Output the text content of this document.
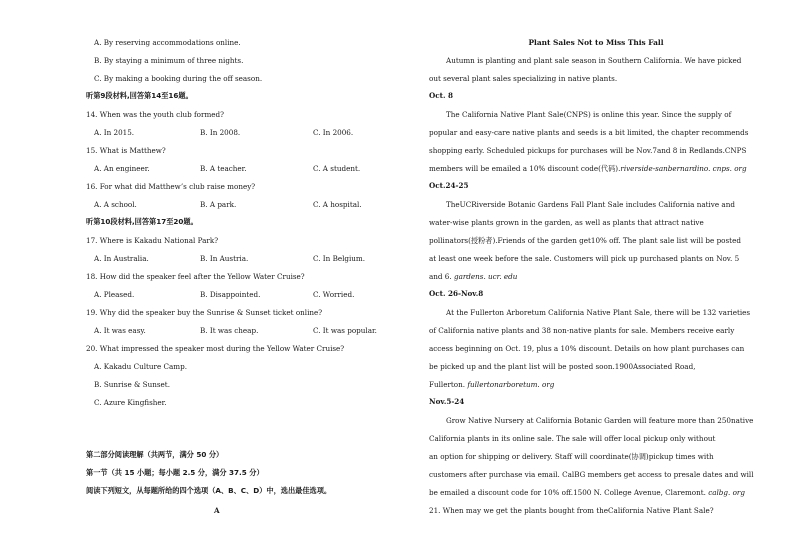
A. By reserving accommodations online.
B. By staying a minimum of three nights.
C. By making a booking during the off season.
听第9段材料,回答第14至16题。
14. When was the youth club formed?
A. In 2015.	B. In 2008.	C. In 2006.
15. What is Matthew?
A. An engineer.	B. A teacher.	C. A student.
16. For what did Matthew’s club raise money?
A. A school.	B. A park.	C. A hospital.
听第10段材料,回答第17至20题。
17. Where is Kakadu National Park?
A. In Australia.	B. In Austria.	C. In Belgium.
18. How did the speaker feel after the Yellow Water Cruise?
A. Pleased.	B. Disappointed.	C. Worried.
19. Why did the speaker buy the Sunrise & Sunset ticket online?
A. It was easy.	B. It was cheap.	C. It was popular.
20. What impressed the speaker most during the Yellow Water Cruise?
A. Kakadu Culture Camp.
B. Sunrise & Sunset.
C. Azure Kingfisher.
第二部分阅读理解（共两节，满分 50 分）
第一节（共 15 小题；每小题 2.5 分，满分 37.5 分）
阅读下列短文，从每题所给的四个选项（A、B、C、D）中，选出最佳选项。
A
Plant Sales Not to Miss This Fall
Autumn is planting and plant sale season in Southern California. We have picked
out several plant sales specializing in native plants.
Oct. 8
The California Native Plant Sale(CNPS) is online this year. Since the supply of
popular and easy-care native plants and seeds is a bit limited, the chapter recommends
shopping early. Scheduled pickups for purchases will be Nov.7and 8 in Redlands.CNPS
members will be emailed a 10% discount code(代码).riverside-sanbernardino. cnps. org
Oct.24-25
TheUCRiverside Botanic Gardens Fall Plant Sale includes California native and
water-wise plants grown in the garden, as well as plants that attract native
pollinators(授粉者).Friends of the garden get10% off. The plant sale list will be posted
at least one week before the sale. Customers will pick up purchased plants on Nov. 5
and 6. gardens. ucr. edu
Oct. 26-Nov.8
At the Fullerton Arboretum California Native Plant Sale, there will be 132 varieties
of California native plants and 38 non-native plants for sale. Members receive early
access beginning on Oct. 19, plus a 10% discount. Details on how plant purchases can
be picked up and the plant list will be posted soon.1900Associated Road,
Fullerton. fullertonarboretum. org
Nov.5-24
Grow Native Nursery at California Botanic Garden will feature more than 250native
California plants in its online sale. The sale will offer local pickup only without
an option for shipping or delivery. Staff will coordinate(协调)pickup times with
customers after purchase via email. CalBG members get access to presale dates and will
be emailed a discount code for 10% off.1500 N. College Avenue, Claremont. calbg. org
21. When may we get the plants bought from theCalifornia Native Plant Sale?
